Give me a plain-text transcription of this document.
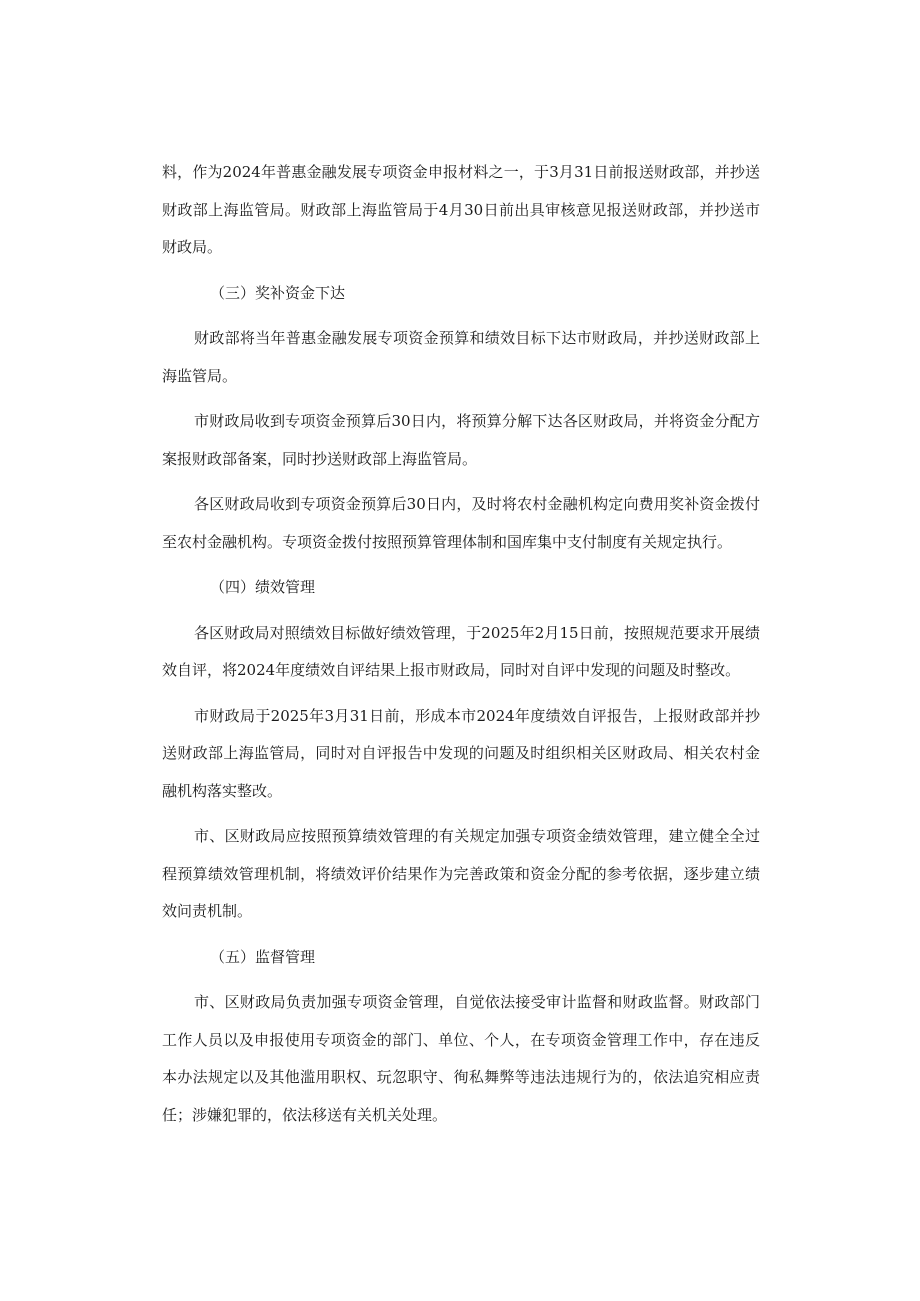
料，作为2024年普惠金融发展专项资金申报材料之一，于3月31日前报送财政部，并抄送财政部上海监管局。财政部上海监管局于4月30日前出具审核意见报送财政部，并抄送市财政局。

（三）奖补资金下达

财政部将当年普惠金融发展专项资金预算和绩效目标下达市财政局，并抄送财政部上海监管局。

市财政局收到专项资金预算后30日内，将预算分解下达各区财政局，并将资金分配方案报财政部备案，同时抄送财政部上海监管局。

各区财政局收到专项资金预算后30日内，及时将农村金融机构定向费用奖补资金拨付至农村金融机构。专项资金拨付按照预算管理体制和国库集中支付制度有关规定执行。

（四）绩效管理

各区财政局对照绩效目标做好绩效管理，于2025年2月15日前，按照规范要求开展绩效自评，将2024年度绩效自评结果上报市财政局，同时对自评中发现的问题及时整改。

市财政局于2025年3月31日前，形成本市2024年度绩效自评报告，上报财政部并抄送财政部上海监管局，同时对自评报告中发现的问题及时组织相关区财政局、相关农村金融机构落实整改。

市、区财政局应按照预算绩效管理的有关规定加强专项资金绩效管理，建立健全全过程预算绩效管理机制，将绩效评价结果作为完善政策和资金分配的参考依据，逐步建立绩效问责机制。

（五）监督管理

市、区财政局负责加强专项资金管理，自觉依法接受审计监督和财政监督。财政部门工作人员以及申报使用专项资金的部门、单位、个人，在专项资金管理工作中，存在违反本办法规定以及其他滥用职权、玩忽职守、徇私舞弊等违法违规行为的，依法追究相应责任；涉嫌犯罪的，依法移送有关机关处理。
